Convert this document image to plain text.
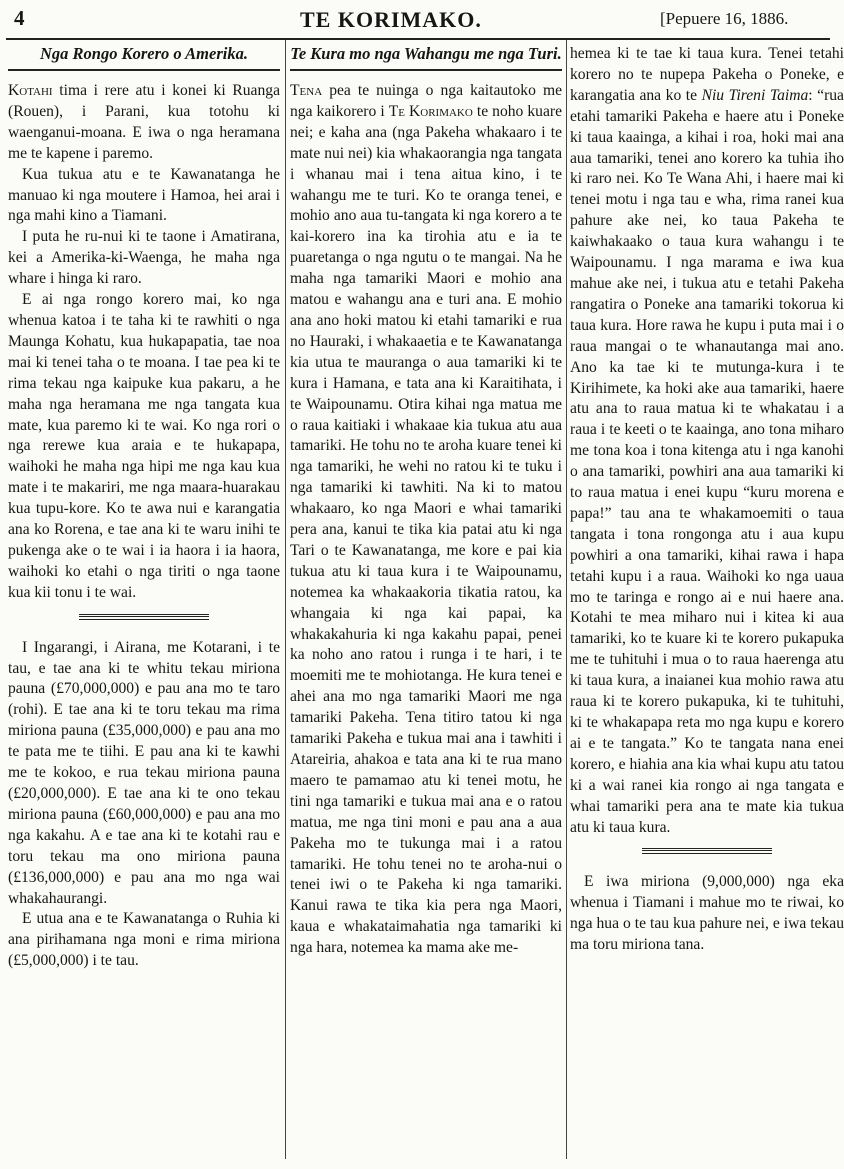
4	TE KORIMAKO.	[Pepuere 16, 1886.
Nga Rongo Korero o Amerika.

Kotahi tima i rere atu i konei ki Ruanga (Rouen), i Parani, kua totohu ki waenganui-moana. E iwa o nga heramana me te kapene i paremo.

Kua tukua atu e te Kawanatanga he manuao ki nga moutere i Hamoa, hei arai i nga mahi kino a Tiamani.

I puta he ru-nui ki te taone i Amatirana, kei a Amerika-ki-Waenga, he maha nga whare i hinga ki raro.

E ai nga rongo korero mai, ko nga whenua katoa i te taha ki te rawhiti o nga Maunga Kohatu, kua hukapapatia, tae noa mai ki tenei taha o te moana. I tae pea ki te rima tekau nga kaipuke kua pakaru, a he maha nga heramana me nga tangata kua mate, kua paremo ki te wai. Ko nga rori o nga rerewe kua araia e te hukapapa, waihoki he maha nga hipi me nga kau kua mate i te makariri, me nga maara-huarakau kua tupu-kore. Ko te awa nui e karangatia ana ko Rorena, e tae ana ki te waru inihi te pukenga ake o te wai i ia haora i ia haora, waihoki ko etahi o nga tiriti o nga taone kua kii tonu i te wai.

I Ingarangi, i Airana, me Kotarani, i te tau, e tae ana ki te whitu tekau miriona pauna (£70,000,000) e pau ana mo te taro (rohi). E tae ana ki te toru tekau ma rima miriona pauna (£35,000,000) e pau ana mo te pata me te tiihi. E pau ana ki te kawhi me te kokoo, e rua tekau miriona pauna (£20,000,000). E tae ana ki te ono tekau miriona pauna (£60,000,000) e pau ana mo nga kakahu. A e tae ana ki te kotahi rau e toru tekau ma ono miriona pauna (£136,000,000) e pau ana mo nga wai whakahaurangi.

E utua ana e te Kawanatanga o Ruhia ki ana pirihamana nga moni e rima miriona (£5,000,000) i te tau.

Te Kura mo nga Wahangu me nga Turi.

Tena pea te nuinga o nga kaitautoko me nga kaikorero i Te Korimako te noho kuare nei; e kaha ana (nga Pakeha whakaaro i te mate nui nei) kia whakaorangia nga tangata i whanau mai i tena aitua kino, i te wahangu me te turi. Ko te oranga tenei, e mohio ano aua tu-tangata ki nga korero a te kai-korero ina ka tirohia atu e ia te puaretanga o nga ngutu o te mangai. Na he maha nga tamariki Maori e mohio ana matou e wahangu ana e turi ana. E mohio ana ano hoki matou ki etahi tamariki e rua no Hauraki, i whakaaetia e te Kawanatanga kia utua te mauranga o aua tamariki ki te kura i Hamana, e tata ana ki Karaitihata, i te Waipounamu. Otira kihai nga matua me o raua kaitiaki i whakaae kia tukua atu aua tamariki. He tohu no te aroha kuare tenei ki nga tamariki, he wehi no ratou ki te tuku i nga tamariki ki tawhiti. Na ki to matou whakaaro, ko nga Maori e whai tamariki pera ana, kanui te tika kia patai atu ki nga Tari o te Kawanatanga, me kore e pai kia tukua atu ki taua kura i te Waipounamu, notemea ka whakaakoria tikatia ratou, ka whangaia ki nga kai papai, ka whakakahuria ki nga kakahu papai, penei ka noho ano ratou i runga i te hari, i te moemiti me te mohiotanga. He kura tenei e ahei ana mo nga tamariki Maori me nga tamariki Pakeha. Tena titiro tatou ki nga tamariki Pakeha e tukua mai ana i tawhiti i Atareiria, ahakoa e tata ana ki te rua mano maero te pamamao atu ki tenei motu, he tini nga tamariki e tukua mai ana e o ratou matua, me nga tini moni e pau ana a aua Pakeha mo te tukunga mai i a ratou tamariki. He tohu tenei no te aroha-nui o tenei iwi o te Pakeha ki nga tamariki. Kanui rawa te tika kia pera nga Maori, kaua e whakataimahatia nga tamariki ki nga hara, notemea ka mama ake me-

hemea ki te tae ki taua kura. Tenei tetahi korero no te nupepa Pakeha o Poneke, e karangatia ana ko te Niu Tireni Taima: “rua etahi tamariki Pakeha e haere atu i Poneke ki taua kaainga, a kihai i roa, hoki mai ana aua tamariki, tenei ano korero ka tuhia iho ki raro nei. Ko Te Wana Ahi, i haere mai ki tenei motu i nga tau e wha, rima ranei kua pahure ake nei, ko taua Pakeha te kaiwhakaako o taua kura wahangu i te Waipounamu. I nga marama e iwa kua mahue ake nei, i tukua atu e tetahi Pakeha rangatira o Poneke ana tamariki tokorua ki taua kura. Hore rawa he kupu i puta mai i o raua mangai o te whanautanga mai ano. Ano ka tae ki te mutunga-kura i te Kirihimete, ka hoki ake aua tamariki, haere atu ana to raua matua ki te whakatau i a raua i te keeti o te kaainga, ano tona miharo me tona koa i tona kitenga atu i nga kanohi o ana tamariki, powhiri ana aua tamariki ki to raua matua i enei kupu “kuru morena e papa!” tau ana te whakamoemiti o taua tangata i tona rongonga atu i aua kupu powhiri a ona tamariki, kihai rawa i hapa tetahi kupu i a raua. Waihoki ko nga uaua mo te taringa e rongo ai e nui haere ana. Kotahi te mea miharo nui i kitea ki aua tamariki, ko te kuare ki te korero pukapuka me te tuhituhi i mua o to raua haerenga atu ki taua kura, a inaianei kua mohio rawa atu raua ki te korero pukapuka, ki te tuhituhi, ki te whakapapa reta mo nga kupu e korero ai e te tangata.” Ko te tangata nana enei korero, e hiahia ana kia whai kupu atu tatou ki a wai ranei kia rongo ai nga tangata e whai tamariki pera ana te mate kia tukua atu ki taua kura.

E iwa miriona (9,000,000) nga eka whenua i Tiamani i mahue mo te riwai, ko nga hua o te tau kua pahure nei, e iwa tekau ma toru miriona tana.
